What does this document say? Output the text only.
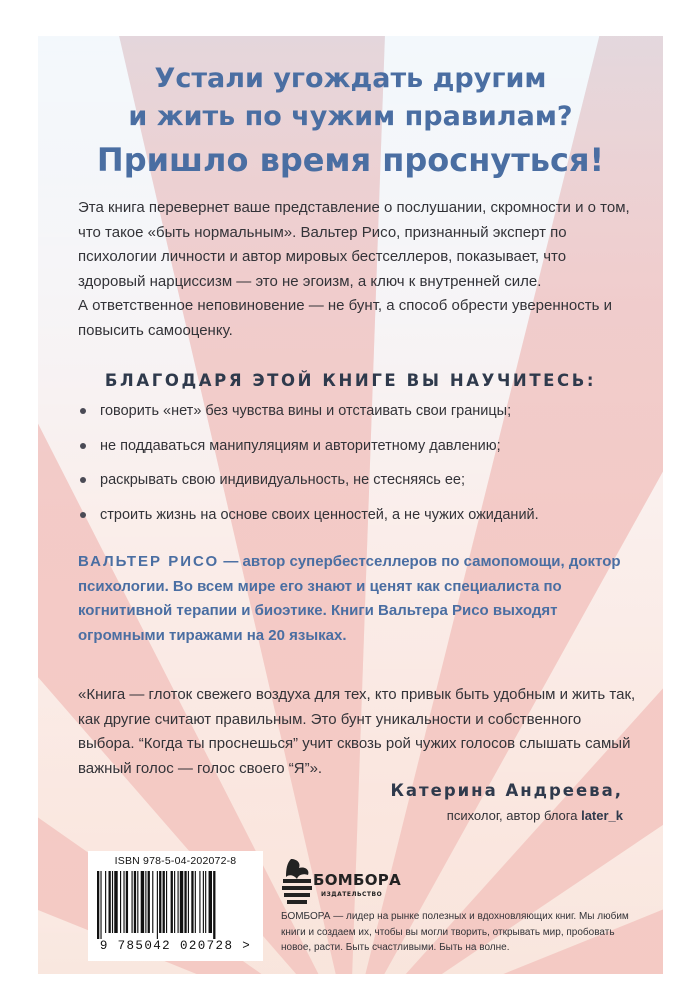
Устали угождать другим
и жить по чужим правилам?
Пришло время проснуться!

Эта книга перевернет ваше представление о послушании, скромности и о том, что такое «быть нормальным». Вальтер Рисо, признанный эксперт по психологии личности и автор мировых бестселлеров, показывает, что здоровый нарциссизм — это не эгоизм, а ключ к внутренней силе.

А ответственное неповиновение — не бунт, а способ обрести уверенность и повысить самооценку.

БЛАГОДАРЯ ЭТОЙ КНИГЕ ВЫ НАУЧИТЕСЬ:
говорить «нет» без чувства вины и отстаивать свои границы;
не поддаваться манипуляциям и авторитетному давлению;
раскрывать свою индивидуальность, не стесняясь ее;
строить жизнь на основе своих ценностей, а не чужих ожиданий.
ВАЛЬТЕР РИСО — автор супербестселлеров по самопомощи, доктор психологии. Во всем мире его знают и ценят как специалиста по когнитивной терапии и биоэтике. Книги Вальтера Рисо выходят огромными тиражами на 20 языках.
«Книга — глоток свежего воздуха для тех, кто привык быть удобным и жить так, как другие считают правильным. Это бунт уникальности и собственного выбора. “Когда ты проснешься” учит сквозь рой чужих голосов слышать самый важный голос — голос своего “Я”».
Катерина Андреева,
психолог, автор блога later_k
ISBN 978-5-04-202072-8
9 785042 020728 >
БОМБОРА
ИЗДАТЕЛЬСТВО
БОМБОРА — лидер на рынке полезных и вдохновляющих книг. Мы любим книги и создаем их, чтобы вы могли творить, открывать мир, пробовать новое, расти. Быть счастливыми. Быть на волне.
